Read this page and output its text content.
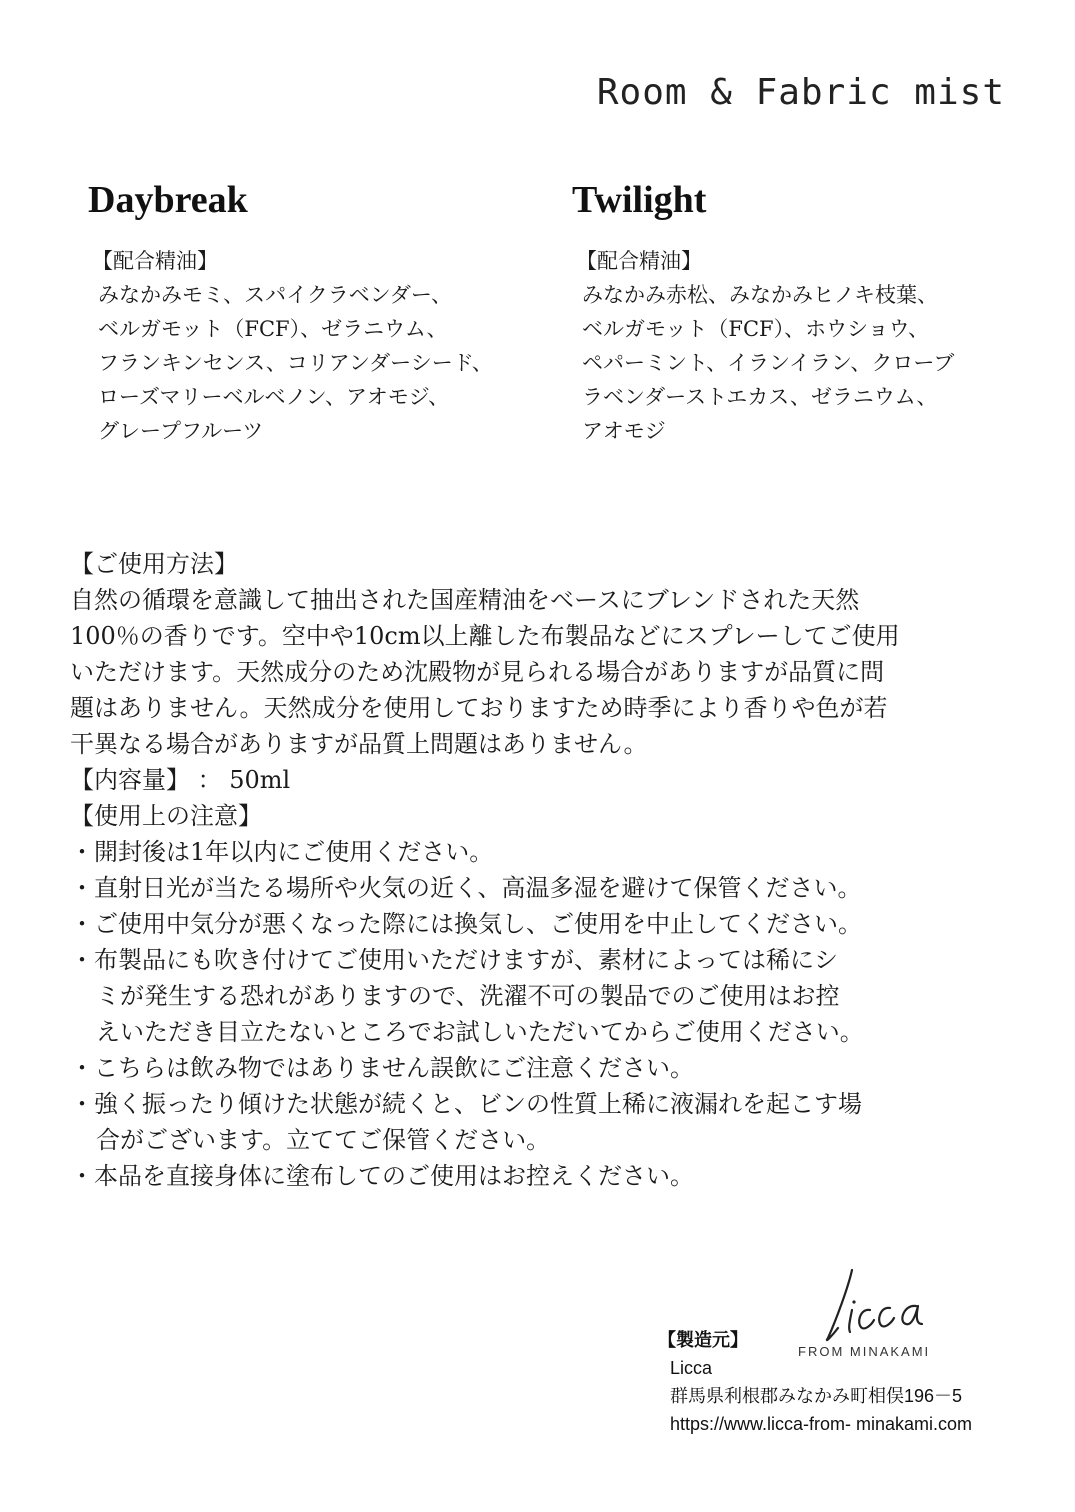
Room & Fabric mist
Daybreak
【配合精油】
みなかみモミ、スパイクラベンダー、
ベルガモット（FCF）、ゼラニウム、
フランキンセンス、コリアンダーシード、
ローズマリーベルベノン、アオモジ、
グレープフルーツ
Twilight
【配合精油】
みなかみ赤松、みなかみヒノキ枝葉、
ベルガモット（FCF）、ホウショウ、
ペパーミント、イランイラン、クローブ
ラベンダーストエカス、ゼラニウム、
アオモジ
【ご使用方法】
自然の循環を意識して抽出された国産精油をベースにブレンドされた天然
100％の香りです。空中や10cm以上離した布製品などにスプレーしてご使用
いただけます。天然成分のため沈殿物が見られる場合がありますが品質に問
題はありません。天然成分を使用しておりますため時季により香りや色が若
干異なる場合がありますが品質上問題はありません。
【内容量】 ： 50ml
【使用上の注意】
・開封後は1年以内にご使用ください。
・直射日光が当たる場所や火気の近く、高温多湿を避けて保管ください。
・ご使用中気分が悪くなった際には換気し、ご使用を中止してください。
・布製品にも吹き付けてご使用いただけますが、素材によっては稀にシ
ミが発生する恐れがありますので、洗濯不可の製品でのご使用はお控
えいただき目立たないところでお試しいただいてからご使用ください。
・こちらは飲み物ではありません誤飲にご注意ください。
・強く振ったり傾けた状態が続くと、ビンの性質上稀に液漏れを起こす場
合がございます。立ててご保管ください。
・本品を直接身体に塗布してのご使用はお控えください。
FROM MINAKAMI
【製造元】
Licca
群馬県利根郡みなかみ町相俣196－5
https://www.licca-from- minakami.com
